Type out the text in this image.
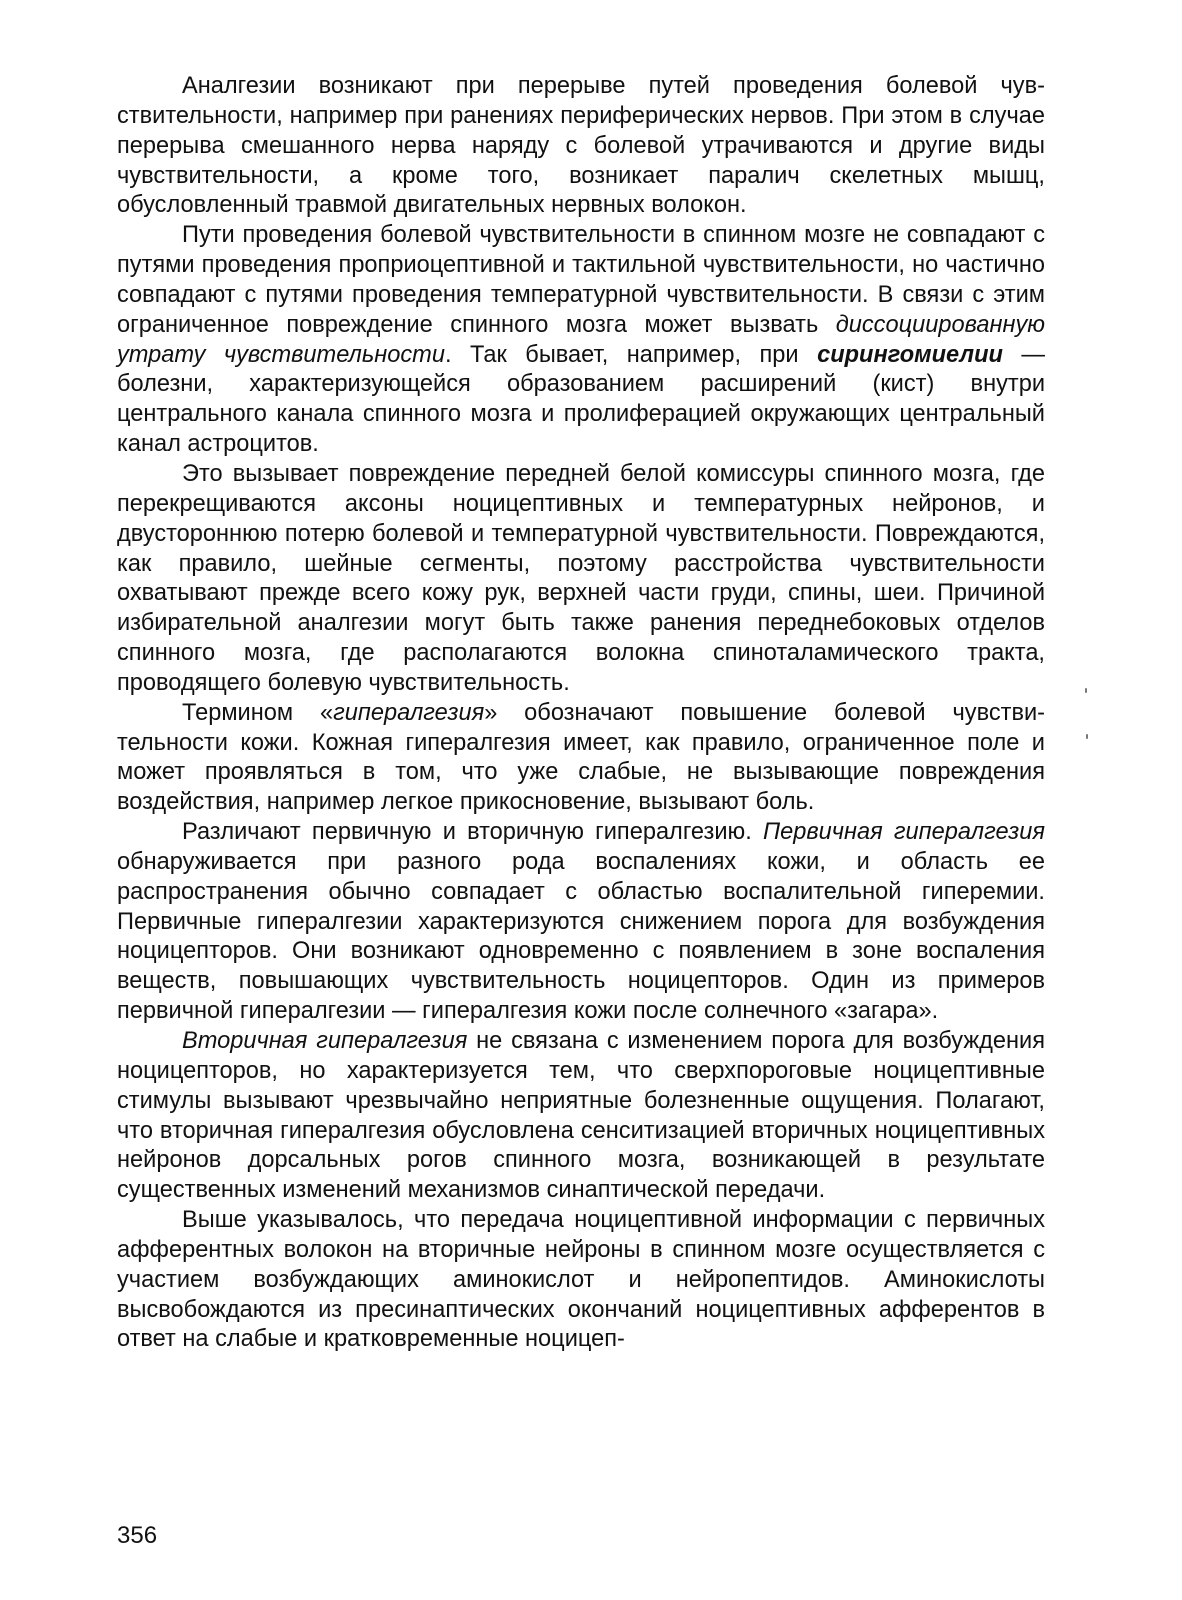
Аналгезии возникают при перерыве путей проведения болевой чувствительности, например при ранениях периферических нервов. При этом в случае перерыва смешанного нерва наряду с болевой утрачиваются и другие виды чувствительности, а кроме того, возникает паралич скелетных мышц, обусловленный травмой двигательных нервных волокон.

Пути проведения болевой чувствительности в спинном мозге не совпадают с путями проведения проприоцептивной и тактильной чувствительности, но частично совпадают с путями проведения температурной чувствительности. В связи с этим ограниченное повреждение спинного мозга может вызвать диссоциированную утрату чувствительности. Так бывает, например, при сирингомиелии — болезни, характеризующейся образованием расширений (кист) внутри центрального канала спинного мозга и пролиферацией окружающих центральный канал астроцитов.

Это вызывает повреждение передней белой комиссуры спинного мозга, где перекрещиваются аксоны ноцицептивных и температурных нейронов, и двустороннюю потерю болевой и температурной чувствительности. Повреждаются, как правило, шейные сегменты, поэтому расстройства чувствительности охватывают прежде всего кожу рук, верхней части груди, спины, шеи. Причиной избирательной аналгезии могут быть также ранения переднебоковых отделов спинного мозга, где располагаются волокна спиноталамического тракта, проводящего болевую чувствительность.

Термином «гипералгезия» обозначают повышение болевой чувствительности кожи. Кожная гипералгезия имеет, как правило, ограниченное поле и может проявляться в том, что уже слабые, не вызывающие повреждения воздействия, например легкое прикосновение, вызывают боль.

Различают первичную и вторичную гипералгезию. Первичная гипералгезия обнаруживается при разного рода воспалениях кожи, и область ее распространения обычно совпадает с областью воспалительной гиперемии. Первичные гипералгезии характеризуются снижением порога для возбуждения ноцицепторов. Они возникают одновременно с появлением в зоне воспаления веществ, повышающих чувствительность ноцицепторов. Один из примеров первичной гипералгезии — гипералгезия кожи после солнечного «загара».

Вторичная гипералгезия не связана с изменением порога для возбуждения ноцицепторов, но характеризуется тем, что сверхпороговые ноцицептивные стимулы вызывают чрезвычайно неприятные болезненные ощущения. Полагают, что вторичная гипералгезия обусловлена сенситизацией вторичных ноцицептивных нейронов дорсальных рогов спинного мозга, возникающей в результате существенных изменений механизмов синаптической передачи.

Выше указывалось, что передача ноцицептивной информации с первичных афферентных волокон на вторичные нейроны в спинном мозге осуществляется с участием возбуждающих аминокислот и нейропептидов. Аминокислоты высвобождаются из пресинаптических окончаний ноцицептивных афферентов в ответ на слабые и кратковременные ноцицеп-

356
